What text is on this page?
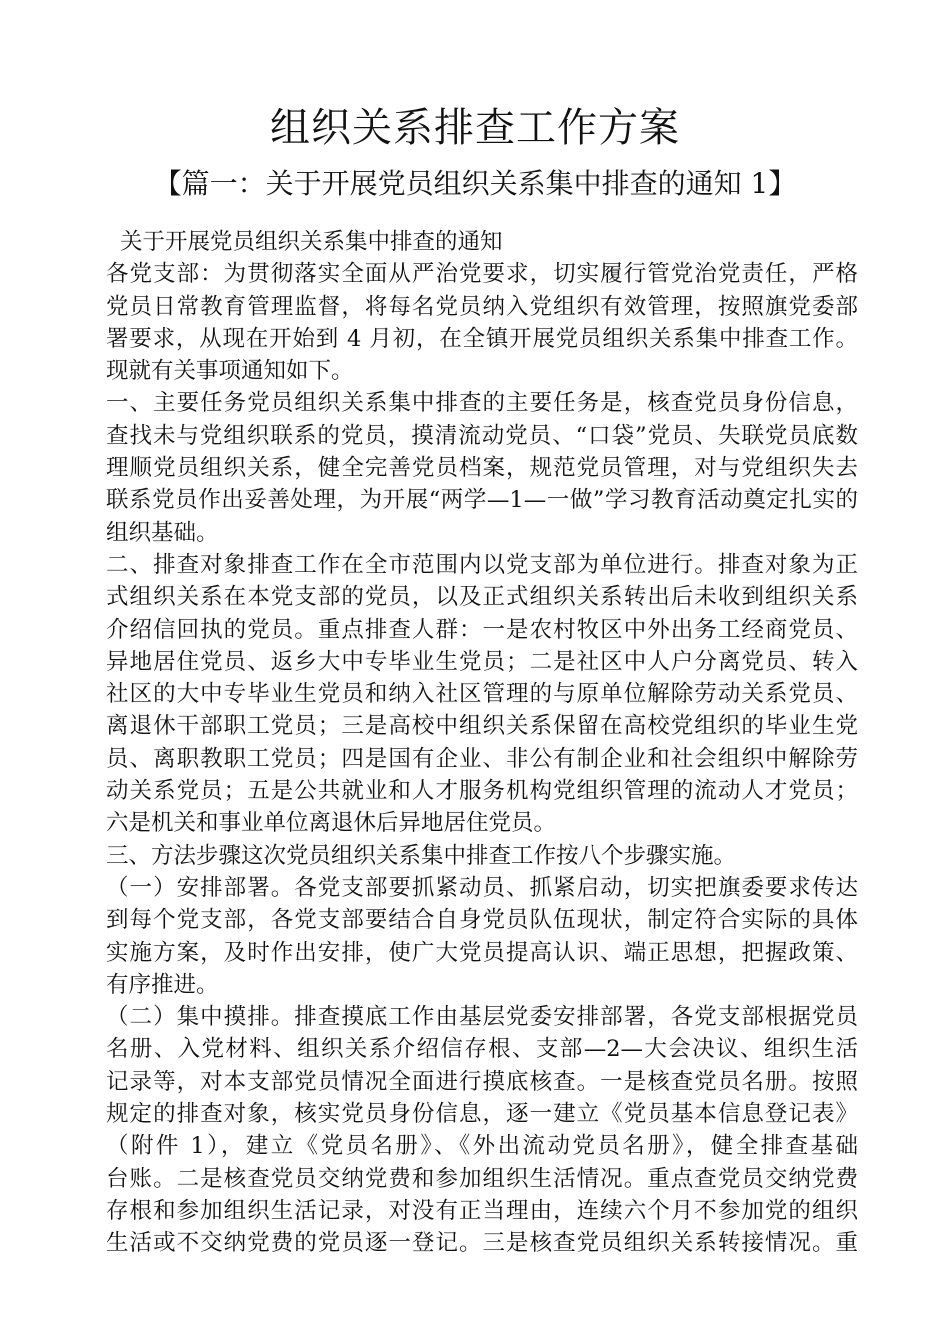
组织关系排查工作方案
【篇一：关于开展党员组织关系集中排查的通知 1】
关于开展党员组织关系集中排查的通知
各党支部：为贯彻落实全面从严治党要求，切实履行管党治党责任，严格
党员日常教育管理监督，将每名党员纳入党组织有效管理，按照旗党委部
署要求，从现在开始到 4 月初，在全镇开展党员组织关系集中排查工作。
现就有关事项通知如下。
一、主要任务党员组织关系集中排查的主要任务是，核查党员身份信息，
查找未与党组织联系的党员，摸清流动党员、“口袋”党员、失联党员底数
理顺党员组织关系，健全完善党员档案，规范党员管理，对与党组织失去
联系党员作出妥善处理，为开展“两学—1—一做”学习教育活动奠定扎实的
组织基础。
二、排查对象排查工作在全市范围内以党支部为单位进行。排查对象为正
式组织关系在本党支部的党员，以及正式组织关系转出后未收到组织关系
介绍信回执的党员。重点排查人群：一是农村牧区中外出务工经商党员、
异地居住党员、返乡大中专毕业生党员；二是社区中人户分离党员、转入
社区的大中专毕业生党员和纳入社区管理的与原单位解除劳动关系党员、
离退休干部职工党员；三是高校中组织关系保留在高校党组织的毕业生党
员、离职教职工党员；四是国有企业、非公有制企业和社会组织中解除劳
动关系党员；五是公共就业和人才服务机构党组织管理的流动人才党员；
六是机关和事业单位离退休后异地居住党员。
三、方法步骤这次党员组织关系集中排查工作按八个步骤实施。
（一）安排部署。各党支部要抓紧动员、抓紧启动，切实把旗委要求传达
到每个党支部，各党支部要结合自身党员队伍现状，制定符合实际的具体
实施方案，及时作出安排，使广大党员提高认识、端正思想，把握政策、
有序推进。
（二）集中摸排。排查摸底工作由基层党委安排部署，各党支部根据党员
名册、入党材料、组织关系介绍信存根、支部—2—大会决议、组织生活
记录等，对本支部党员情况全面进行摸底核查。一是核查党员名册。按照
规定的排查对象，核实党员身份信息，逐一建立《党员基本信息登记表》
（附件 1），建立《党员名册》、《外出流动党员名册》，健全排查基础
台账。二是核查党员交纳党费和参加组织生活情况。重点查党员交纳党费
存根和参加组织生活记录，对没有正当理由，连续六个月不参加党的组织
生活或不交纳党费的党员逐一登记。三是核查党员组织关系转接情况。重
